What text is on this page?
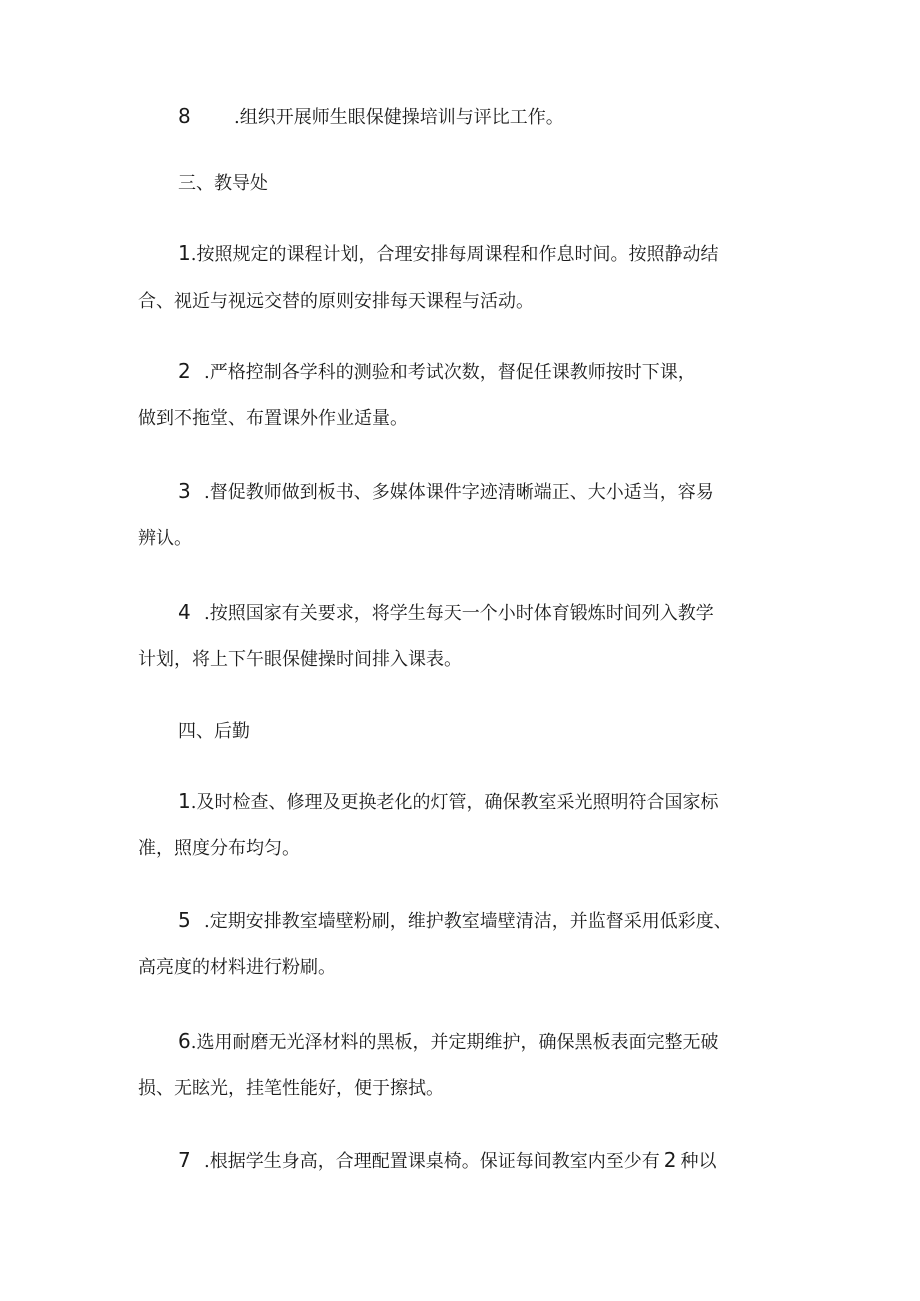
8 .组织开展师生眼保健操培训与评比工作。
三、教导处
1.按照规定的课程计划，合理安排每周课程和作息时间。按照静动结
合、视近与视远交替的原则安排每天课程与活动。
2 .严格控制各学科的测验和考试次数，督促任课教师按时下课，
做到不拖堂、布置课外作业适量。
3 .督促教师做到板书、多媒体课件字迹清晰端正、大小适当，容易
辨认。
4 .按照国家有关要求，将学生每天一个小时体育锻炼时间列入教学
计划，将上下午眼保健操时间排入课表。
四、后勤
1.及时检查、修理及更换老化的灯管，确保教室采光照明符合国家标
准，照度分布均匀。
5 .定期安排教室墙壁粉刷，维护教室墙壁清洁，并监督采用低彩度、
高亮度的材料进行粉刷。
6.选用耐磨无光泽材料的黑板，并定期维护，确保黑板表面完整无破
损、无眩光，挂笔性能好，便于擦拭。
7 .根据学生身高，合理配置课桌椅。保证每间教室内至少有 2 种以
